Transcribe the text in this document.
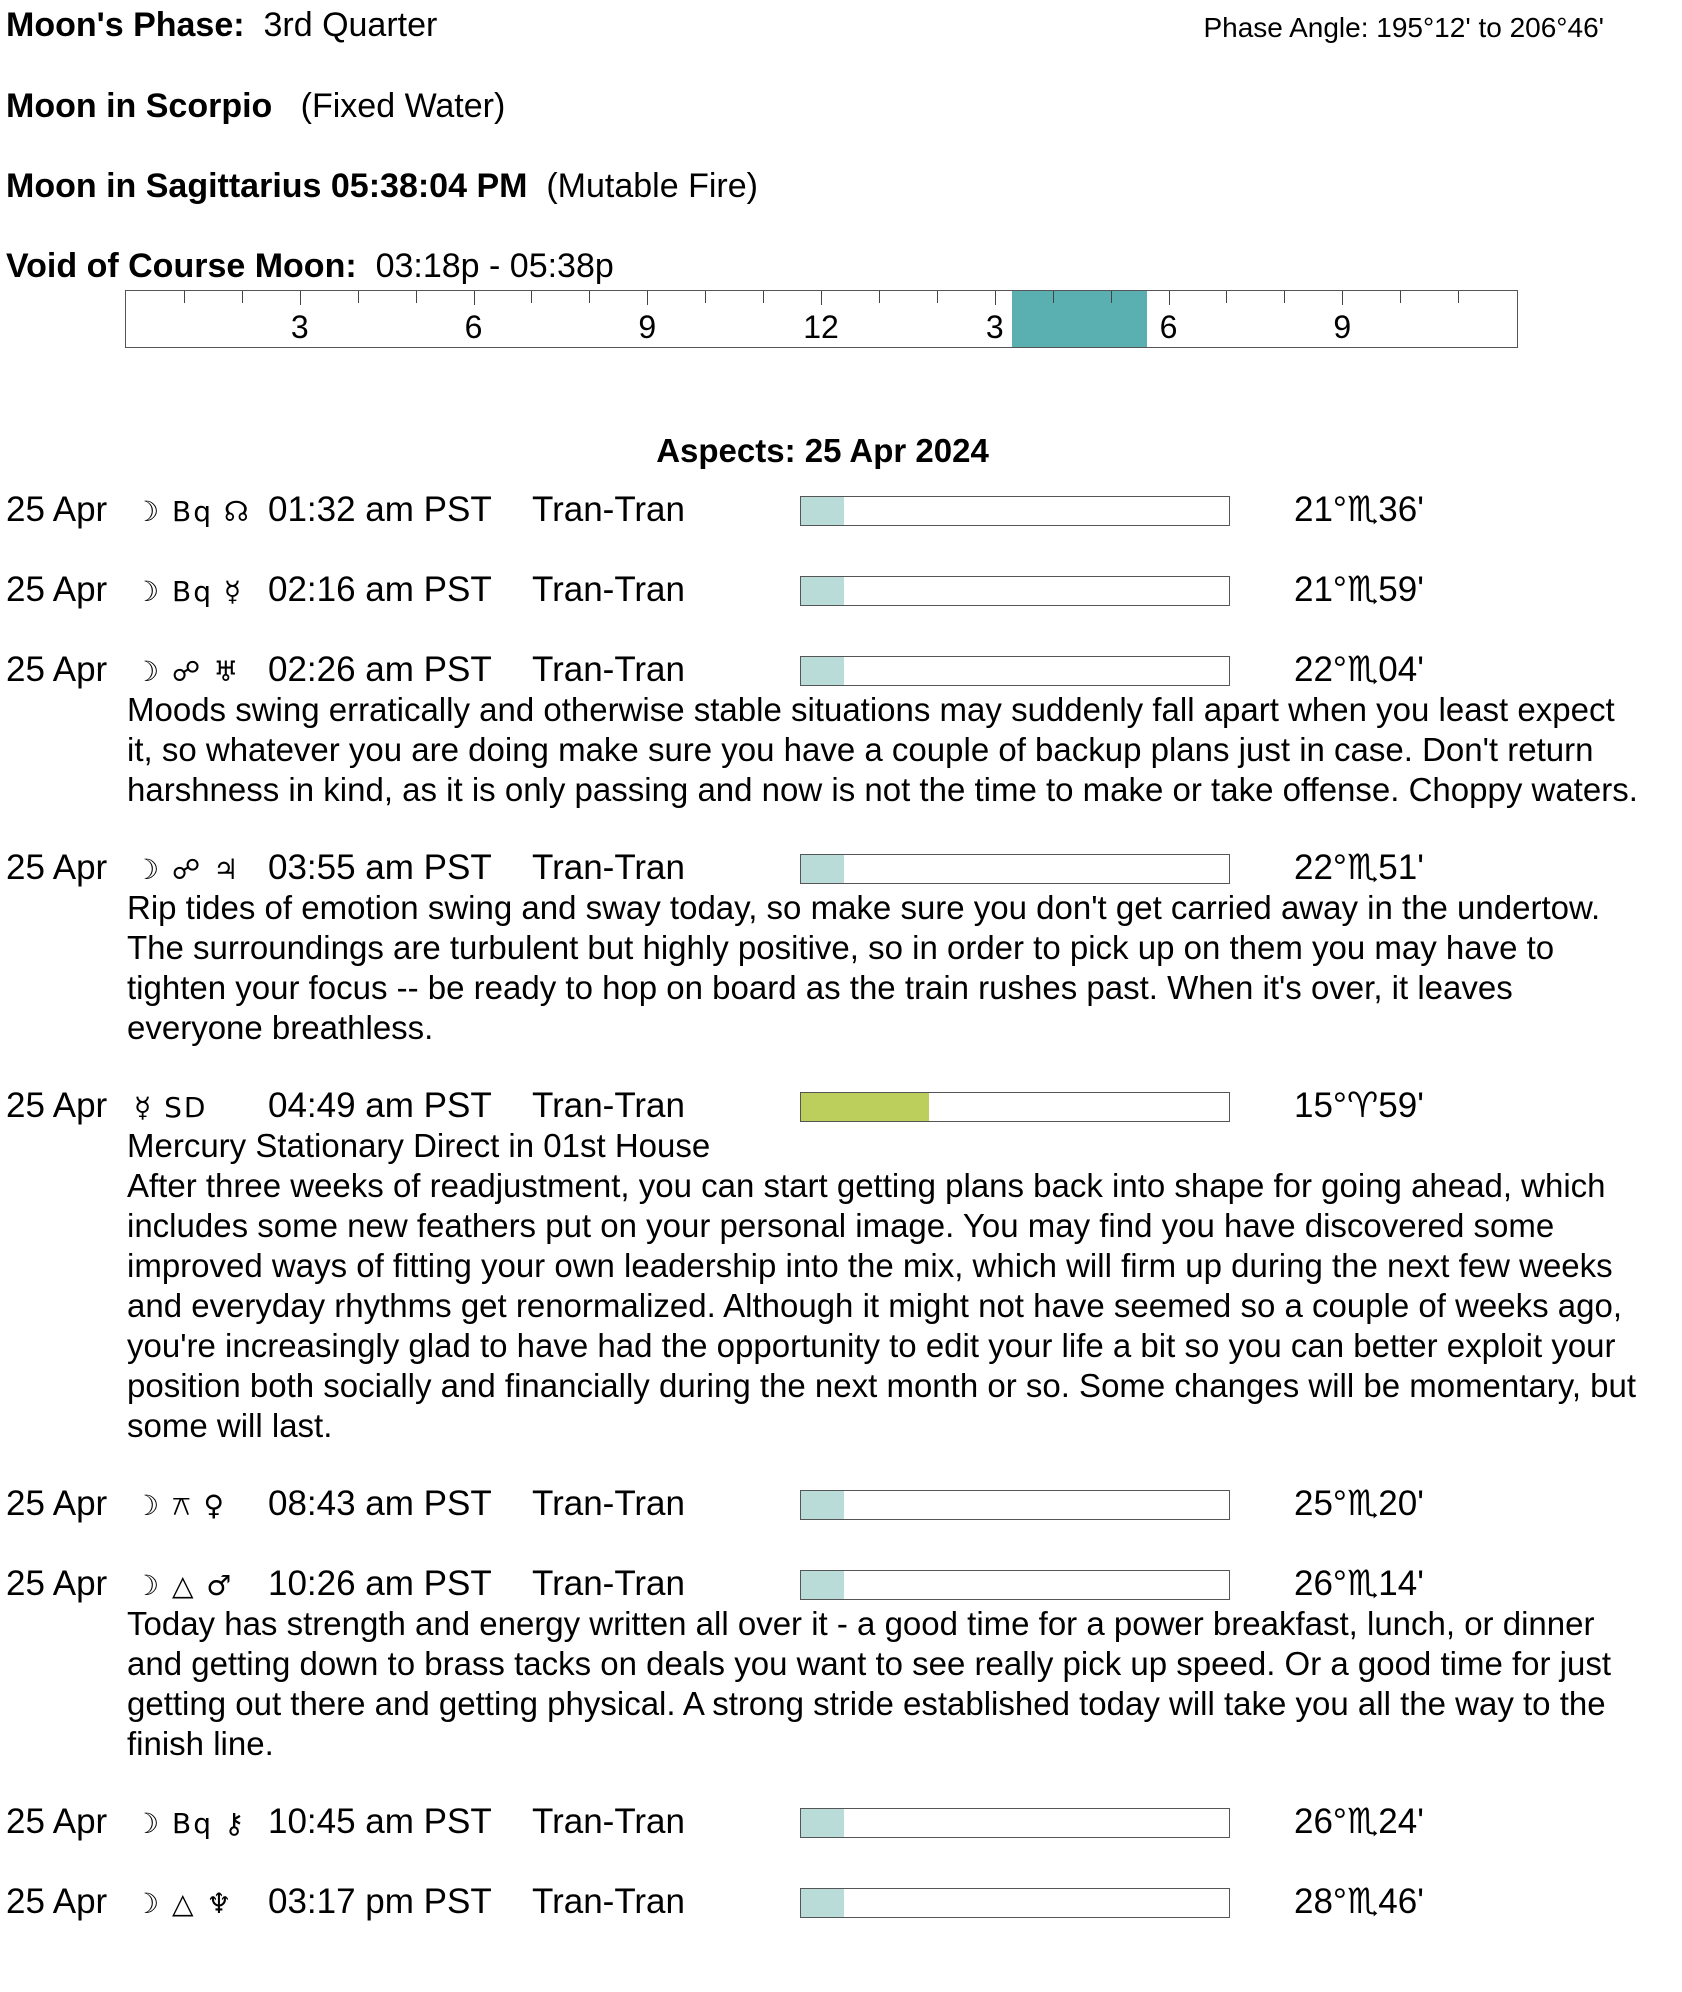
Moon's Phase: 3rd Quarter	Phase Angle: 195°12' to 206°46'
Moon in Scorpio (Fixed Water)
Moon in Sagittarius 05:38:04 PM (Mutable Fire)
Void of Course Moon: 03:18p - 05:38p
3	6	9	12	3	6	9
Aspects: 25 Apr 2024
25 Apr ☽ Bq ☊ 01:32 am PST Tran-Tran	21°♏36'
25 Apr ☽ Bq ☿ 02:16 am PST Tran-Tran	21°♏59'
25 Apr ☽ ☍ ♅ 02:26 am PST Tran-Tran	22°♏04'
Moods swing erratically and otherwise stable situations may suddenly fall apart when you least expect it, so whatever you are doing make sure you have a couple of backup plans just in case. Don't return harshness in kind, as it is only passing and now is not the time to make or take offense. Choppy waters.
25 Apr ☽ ☍ ♃ 03:55 am PST Tran-Tran	22°♏51'
Rip tides of emotion swing and sway today, so make sure you don't get carried away in the undertow. The surroundings are turbulent but highly positive, so in order to pick up on them you may have to tighten your focus -- be ready to hop on board as the train rushes past. When it's over, it leaves everyone breathless.
25 Apr ☿ SD 04:49 am PST Tran-Tran	15°♈59'
Mercury Stationary Direct in 01st House
After three weeks of readjustment, you can start getting plans back into shape for going ahead, which includes some new feathers put on your personal image. You may find you have discovered some improved ways of fitting your own leadership into the mix, which will firm up during the next few weeks and everyday rhythms get renormalized. Although it might not have seemed so a couple of weeks ago, you're increasingly glad to have had the opportunity to edit your life a bit so you can better exploit your position both socially and financially during the next month or so. Some changes will be momentary, but some will last.
25 Apr ☽ ⚻ ♀ 08:43 am PST Tran-Tran	25°♏20'
25 Apr ☽ △ ♂ 10:26 am PST Tran-Tran	26°♏14'
Today has strength and energy written all over it - a good time for a power breakfast, lunch, or dinner and getting down to brass tacks on deals you want to see really pick up speed. Or a good time for just getting out there and getting physical. A strong stride established today will take you all the way to the finish line.
25 Apr ☽ Bq ⚷ 10:45 am PST Tran-Tran	26°♏24'
25 Apr ☽ △ ♆ 03:17 pm PST Tran-Tran	28°♏46'
